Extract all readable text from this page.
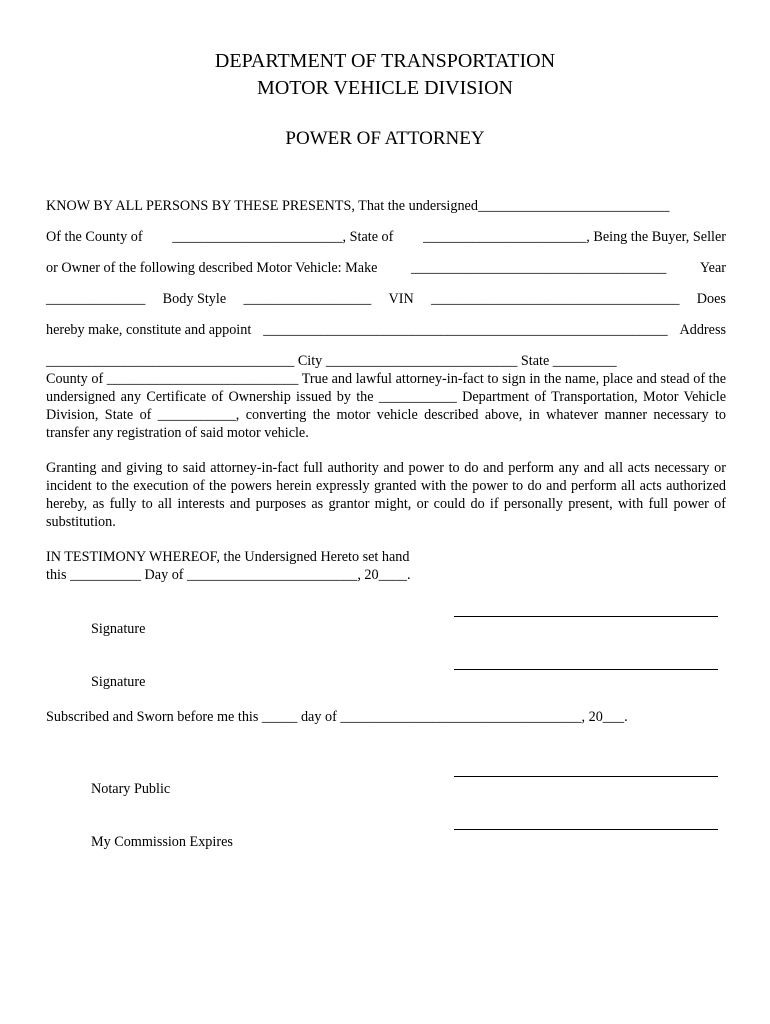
DEPARTMENT OF TRANSPORTATION
MOTOR VEHICLE DIVISION
POWER OF ATTORNEY
KNOW BY ALL PERSONS BY THESE PRESENTS, That the undersigned___________________________
Of the County of ________________________, State of _______________________, Being the Buyer, Seller
or Owner of the following described Motor Vehicle: Make ____________________________________ Year
______________ Body Style __________________ VIN ___________________________________ Does
hereby make, constitute and appoint _________________________________________________________ Address
___________________________________ City ___________________________ State _________
County of ___________________________ True and lawful attorney-in-fact to sign in the name, place and stead of the undersigned any Certificate of Ownership issued by the ___________ Department of Transportation, Motor Vehicle Division, State of ___________, converting the motor vehicle described above, in whatever manner necessary to transfer any registration of said motor vehicle.
Granting and giving to said attorney-in-fact full authority and power to do and perform any and all acts necessary or incident to the execution of the powers herein expressly granted with the power to do and perform all acts authorized hereby, as fully to all interests and purposes as grantor might, or could do if personally present, with full power of substitution.
IN TESTIMONY WHEREOF, the Undersigned Hereto set hand
this __________ Day of ________________________, 20____.
Signature
Signature
Subscribed and Sworn before me this _____ day of __________________________________, 20___.
Notary Public
My Commission Expires
